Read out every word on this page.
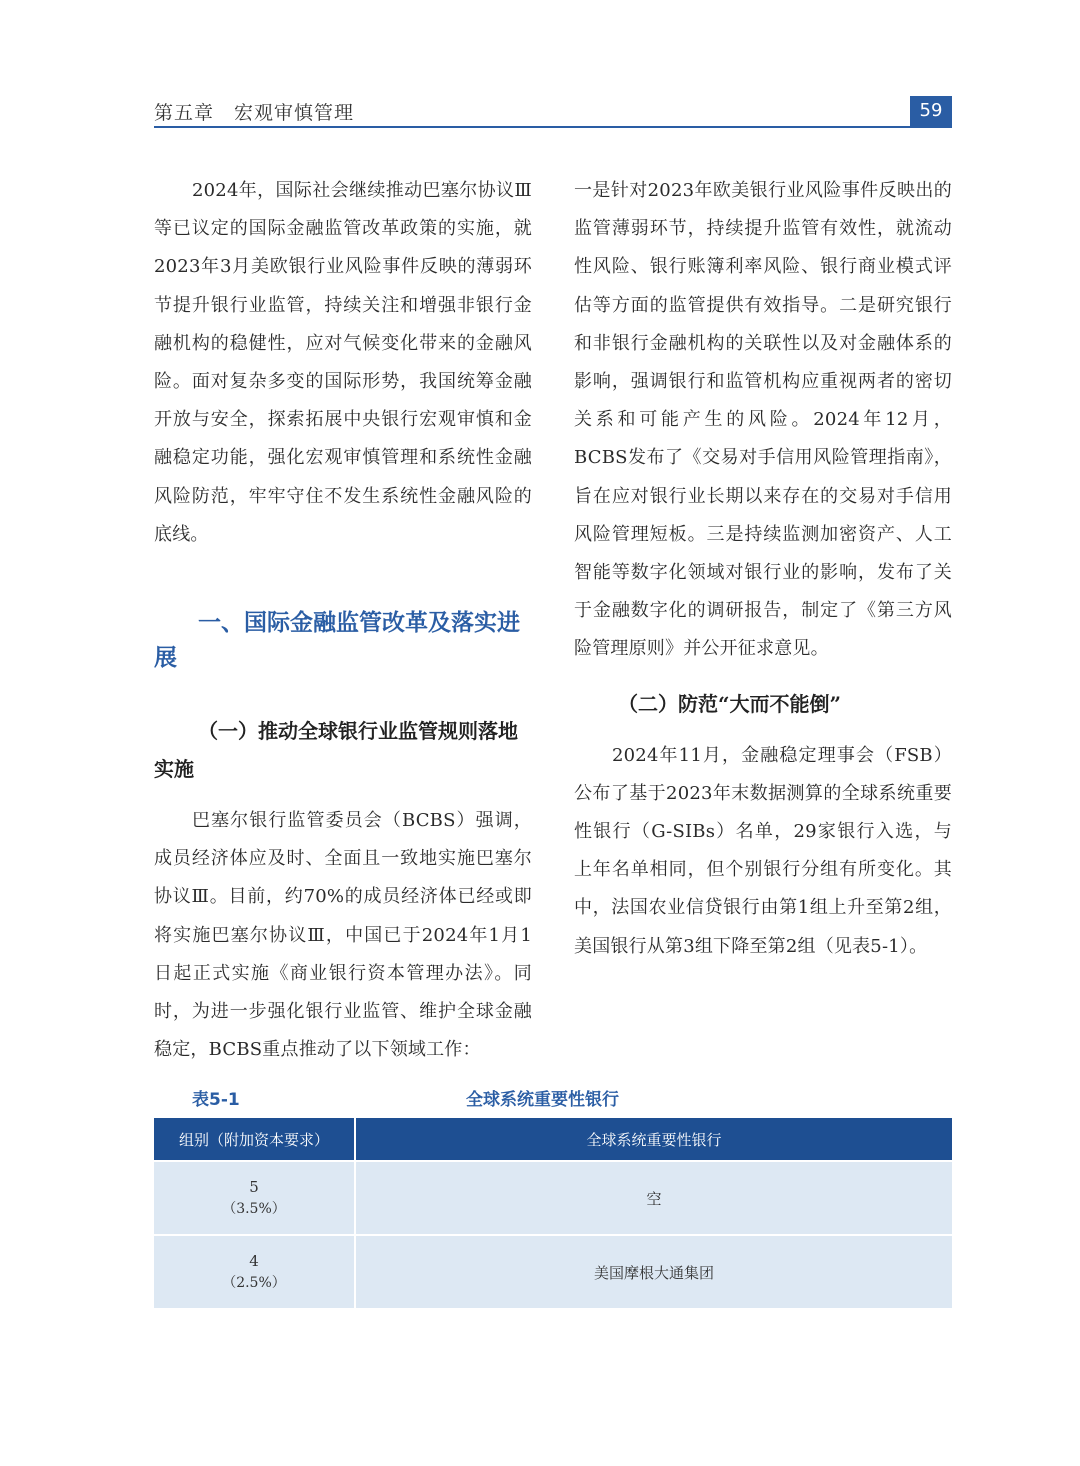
第五章　宏观审慎管理	59

2024年，国际社会继续推动巴塞尔协议Ⅲ等已议定的国际金融监管改革政策的实施，就2023年3月美欧银行业风险事件反映的薄弱环节提升银行业监管，持续关注和增强非银行金融机构的稳健性，应对气候变化带来的金融风险。面对复杂多变的国际形势，我国统筹金融开放与安全，探索拓展中央银行宏观审慎和金融稳定功能，强化宏观审慎管理和系统性金融风险防范，牢牢守住不发生系统性金融风险的底线。

一、国际金融监管改革及落实进展
（一）推动全球银行业监管规则落地实施

巴塞尔银行监管委员会（BCBS）强调，成员经济体应及时、全面且一致地实施巴塞尔协议Ⅲ。目前，约70%的成员经济体已经或即将实施巴塞尔协议Ⅲ，中国已于2024年1月1日起正式实施《商业银行资本管理办法》。同时，为进一步强化银行业监管、维护全球金融稳定，BCBS重点推动了以下领域工作：

一是针对2023年欧美银行业风险事件反映出的监管薄弱环节，持续提升监管有效性，就流动性风险、银行账簿利率风险、银行商业模式评估等方面的监管提供有效指导。二是研究银行和非银行金融机构的关联性以及对金融体系的影响，强调银行和监管机构应重视两者的密切关系和可能产生的风险。2024年12月，BCBS发布了《交易对手信用风险管理指南》，旨在应对银行业长期以来存在的交易对手信用风险管理短板。三是持续监测加密资产、人工智能等数字化领域对银行业的影响，发布了关于金融数字化的调研报告，制定了《第三方风险管理原则》并公开征求意见。

（二）防范“大而不能倒”

2024年11月，金融稳定理事会（FSB）公布了基于2023年末数据测算的全球系统重要性银行（G-SIBs）名单，29家银行入选，与上年名单相同，但个别银行分组有所变化。其中，法国农业信贷银行由第1组上升至第2组，美国银行从第3组下降至第2组（见表5-1）。

表5-1	全球系统重要性银行
组别（附加资本要求）	全球系统重要性银行

5
（3.5%）	空

4
（2.5%）	美国摩根大通集团
